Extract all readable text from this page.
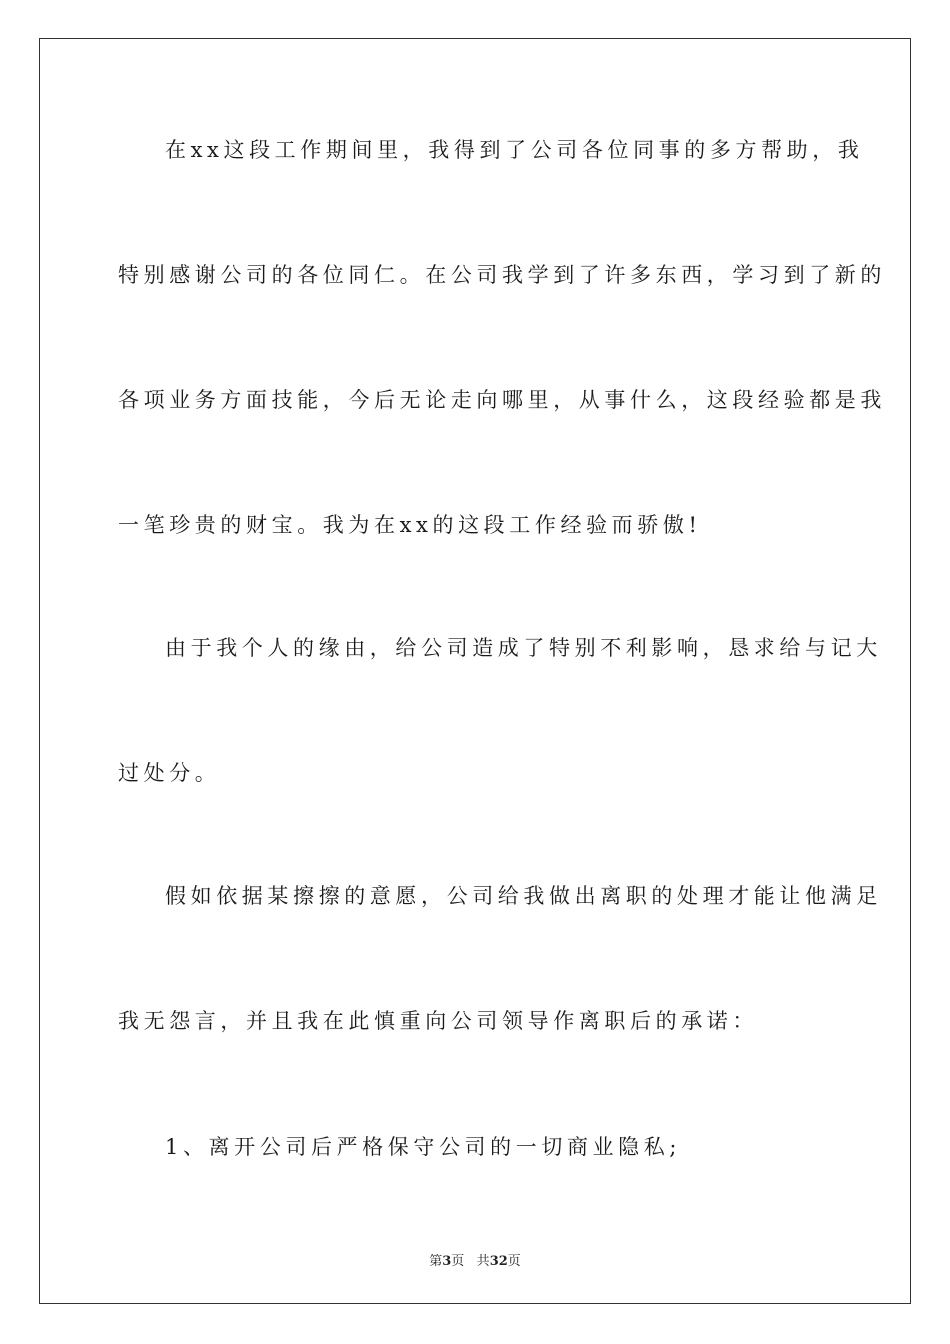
在xx这段工作期间里，我得到了公司各位同事的多方帮助，我
特别感谢公司的各位同仁。在公司我学到了许多东西，学习到了新的
各项业务方面技能，今后无论走向哪里，从事什么，这段经验都是我
一笔珍贵的财宝。我为在xx的这段工作经验而骄傲!
由于我个人的缘由，给公司造成了特别不利影响，恳求给与记大
过处分。
假如依据某擦擦的意愿，公司给我做出离职的处理才能让他满足
我无怨言，并且我在此慎重向公司领导作离职后的承诺：
1、离开公司后严格保守公司的一切商业隐私;
第3页 共32页
